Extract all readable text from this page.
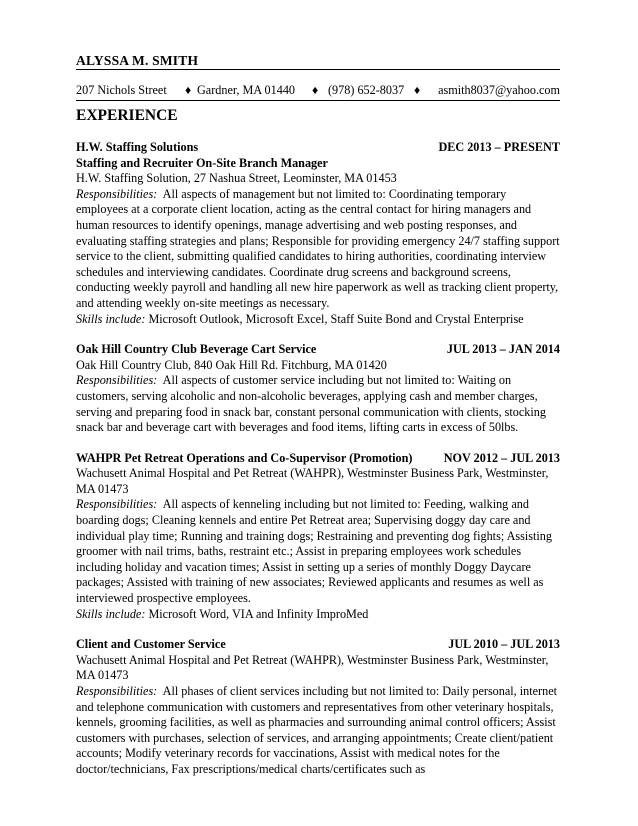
ALYSSA M. SMITH
207 Nichols Street ♦ Gardner, MA 01440 ♦ (978) 652-8037 ♦ asmith8037@yahoo.com
EXPERIENCE
H.W. Staffing Solutions	DEC 2013 – PRESENT
Staffing and Recruiter On-Site Branch Manager
H.W. Staffing Solution, 27 Nashua Street, Leominster, MA 01453

Responsibilities: All aspects of management but not limited to: Coordinating temporary employees at a corporate client location, acting as the central contact for hiring managers and human resources to identify openings, manage advertising and web posting responses, and evaluating staffing strategies and plans; Responsible for providing emergency 24/7 staffing support service to the client, submitting qualified candidates to hiring authorities, coordinating interview schedules and interviewing candidates. Coordinate drug screens and background screens, conducting weekly payroll and handling all new hire paperwork as well as tracking client property, and attending weekly on-site meetings as necessary.

Skills include: Microsoft Outlook, Microsoft Excel, Staff Suite Bond and Crystal Enterprise

Oak Hill Country Club Beverage Cart Service	JUL 2013 – JAN 2014
Oak Hill Country Club, 840 Oak Hill Rd. Fitchburg, MA 01420

Responsibilities: All aspects of customer service including but not limited to: Waiting on customers, serving alcoholic and non-alcoholic beverages, applying cash and member charges, serving and preparing food in snack bar, constant personal communication with clients, stocking snack bar and beverage cart with beverages and food items, lifting carts in excess of 50lbs.

WAHPR Pet Retreat Operations and Co-Supervisor (Promotion)	NOV 2012 – JUL 2013
Wachusett Animal Hospital and Pet Retreat (WAHPR), Westminster Business Park, Westminster, MA 01473

Responsibilities: All aspects of kenneling including but not limited to: Feeding, walking and boarding dogs; Cleaning kennels and entire Pet Retreat area; Supervising doggy day care and individual play time; Running and training dogs; Restraining and preventing dog fights; Assisting groomer with nail trims, baths, restraint etc.; Assist in preparing employees work schedules including holiday and vacation times; Assist in setting up a series of monthly Doggy Daycare packages; Assisted with training of new associates; Reviewed applicants and resumes as well as interviewed prospective employees.

Skills include: Microsoft Word, VIA and Infinity ImproMed

Client and Customer Service	JUL 2010 – JUL 2013
Wachusett Animal Hospital and Pet Retreat (WAHPR), Westminster Business Park, Westminster, MA 01473

Responsibilities: All phases of client services including but not limited to: Daily personal, internet and telephone communication with customers and representatives from other veterinary hospitals, kennels, grooming facilities, as well as pharmacies and surrounding animal control officers; Assist customers with purchases, selection of services, and arranging appointments; Create client/patient accounts; Modify veterinary records for vaccinations, Assist with medical notes for the doctor/technicians, Fax prescriptions/medical charts/certificates such as
